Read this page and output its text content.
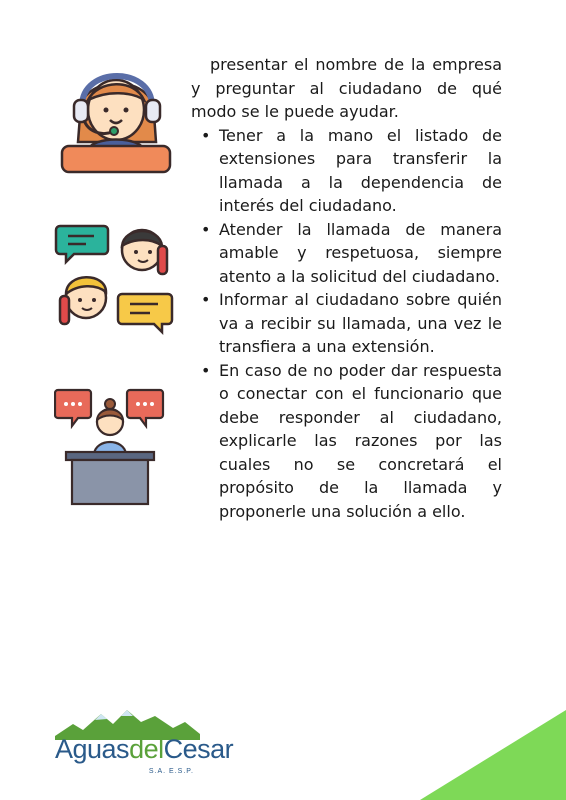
presentar el nombre de la empresa y preguntar al ciudadano de qué modo se le puede ayudar.

• Tener a la mano el listado de extensiones para transferir la llamada a la dependencia de interés del ciudadano.
• Atender la llamada de manera amable y respetuosa, siempre atento a la solicitud del ciudadano.
• Informar al ciudadano sobre quién va a recibir su llamada, una vez le transfiera a una extensión.
• En caso de no poder dar respuesta o conectar con el funcionario que debe responder al ciudadano, explicarle las razones por las cuales no se concretará el propósito de la llamada y proponerle una solución a ello.
AguasdelCesar
S.A. E.S.P.
